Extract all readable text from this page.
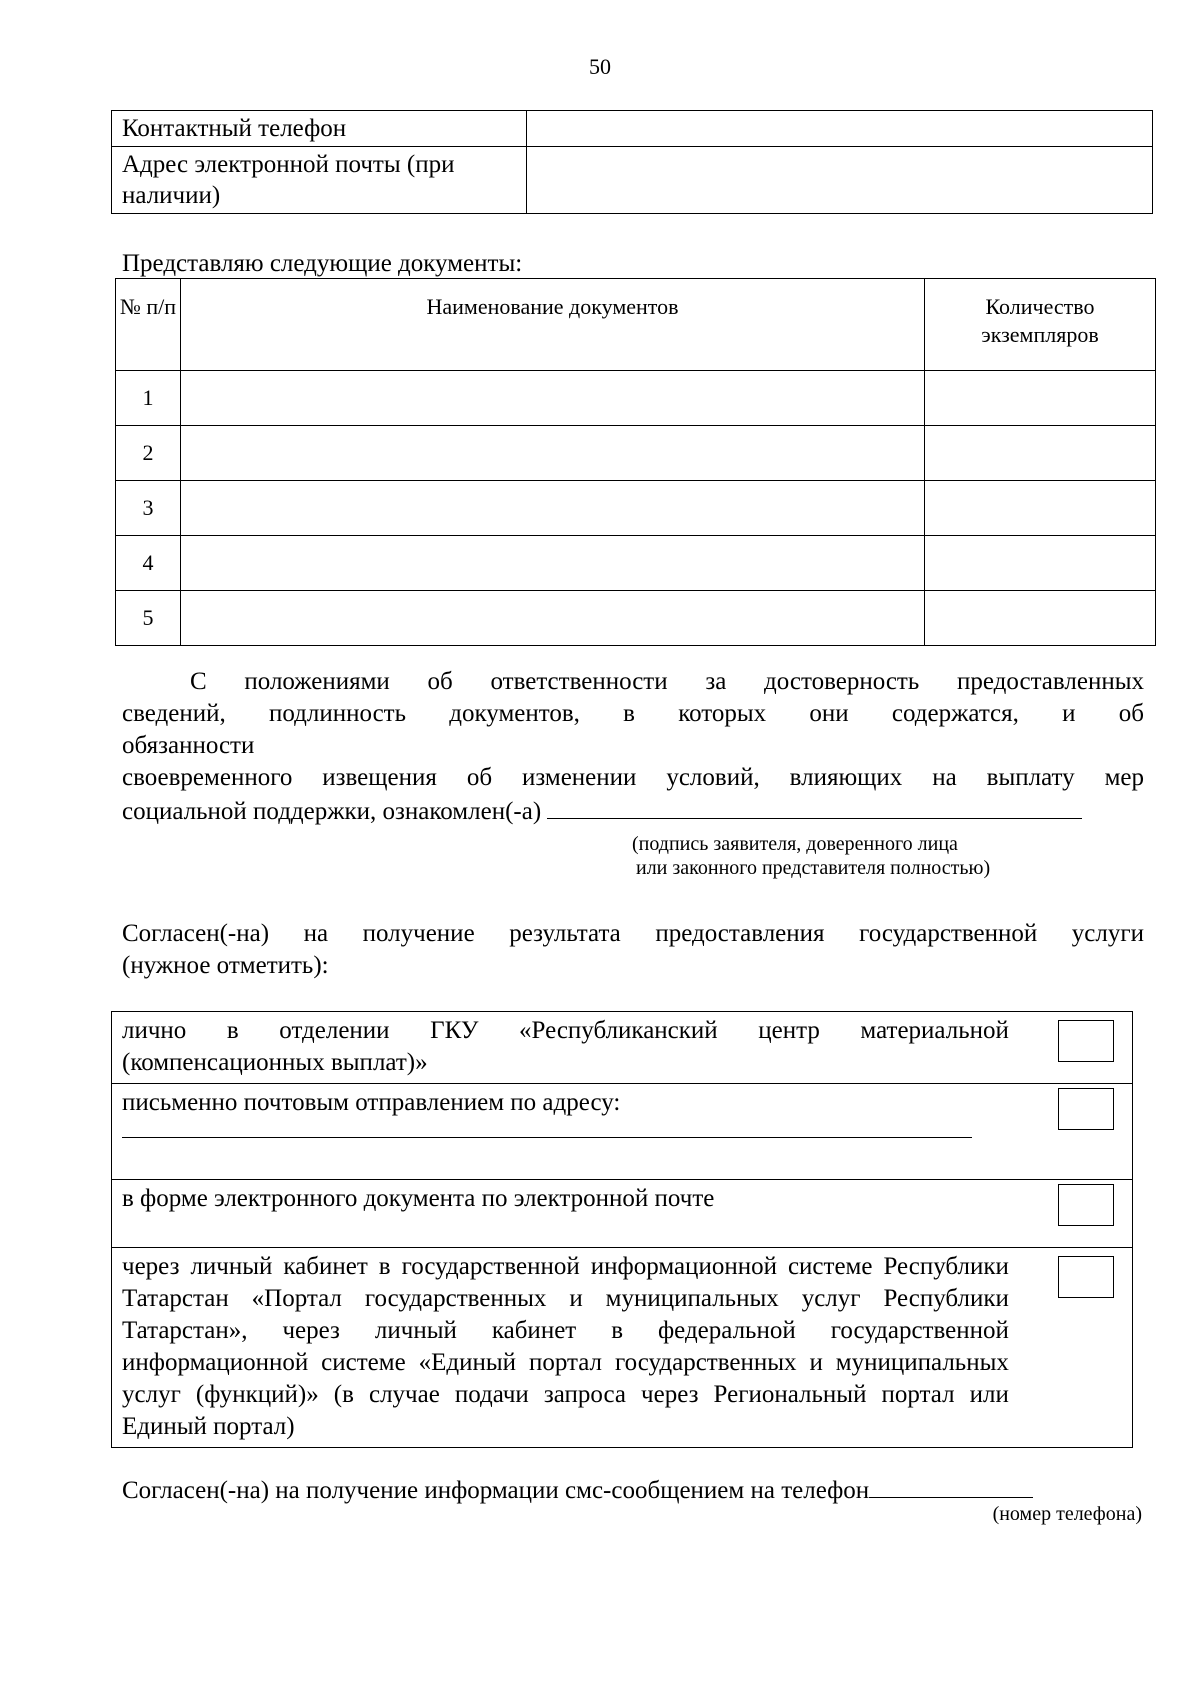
50
Контактный телефон	
Адрес электронной почты (при наличии)	
Представляю следующие документы:
№ п/п	Наименование документов	Количество экземпляров
1		
2		
3		
4		
5		

С положениями об ответственности за достоверность предоставленных

сведений, подлинность документов, в которых они содержатся, и об

обязанности

своевременного извещения об изменении условий, влияющих на выплату мер

социальной поддержки, ознакомлен(-а)

(подпись заявителя, доверенного лица
или законного представителя полностью)

Согласен(-на) на получение результата предоставления государственной услуги

(нужное отметить):

лично в отделении ГКУ «Республиканский центр материальной (компенсационных выплат)»	

письменно почтовым отправлением по адресу:	

в форме электронного документа по электронной почте	

через личный кабинет в государственной информационной системе Республики Татарстан «Портал государственных и муниципальных услуг Республики Татарстан», через личный кабинет в федеральной государственной информационной системе «Единый портал государственных и муниципальных услуг (функций)» (в случае подачи запроса через Региональный портал или Единый портал)	
Согласен(-на) на получение информации смс-сообщением на телефон
(номер телефона)
